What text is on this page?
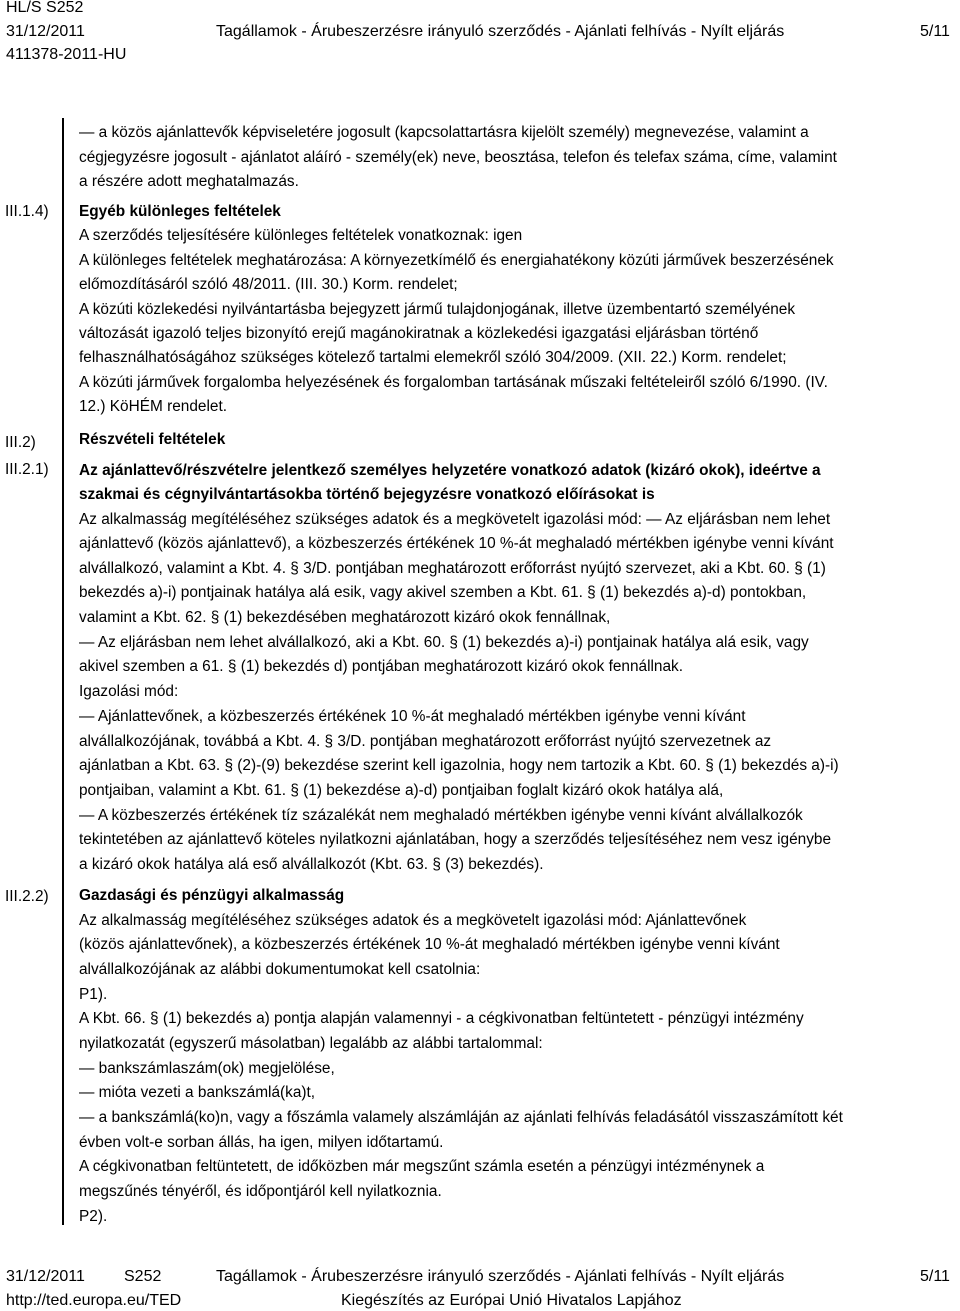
HL/S S252
31/12/2011
411378-2011-HU
Tagállamok - Árubeszerzésre irányuló szerződés - Ajánlati felhívás - Nyílt eljárás	5/11
III.1.4)
III.2)
III.2.1)
III.2.2)
— a közös ajánlattevők képviseletére jogosult (kapcsolattartásra kijelölt személy) megnevezése, valamint a
cégjegyzésre jogosult - ajánlatot aláíró - személy(ek) neve, beosztása, telefon és telefax száma, címe, valamint
a részére adott meghatalmazás.
Egyéb különleges feltételek
A szerződés teljesítésére különleges feltételek vonatkoznak: igen
A különleges feltételek meghatározása: A környezetkímélő és energiahatékony közúti járművek beszerzésének
előmozdításáról szóló 48/2011. (III. 30.) Korm. rendelet;
A közúti közlekedési nyilvántartásba bejegyzett jármű tulajdonjogának, illetve üzembentartó személyének
változását igazoló teljes bizonyító erejű magánokiratnak a közlekedési igazgatási eljárásban történő
felhasználhatóságához szükséges kötelező tartalmi elemekről szóló 304/2009. (XII. 22.) Korm. rendelet;
A közúti járművek forgalomba helyezésének és forgalomban tartásának műszaki feltételeiről szóló 6/1990. (IV.
12.) KöHÉM rendelet.
Részvételi feltételek
Az ajánlattevő/részvételre jelentkező személyes helyzetére vonatkozó adatok (kizáró okok), ideértve a
szakmai és cégnyilvántartásokba történő bejegyzésre vonatkozó előírásokat is
Az alkalmasság megítéléséhez szükséges adatok és a megkövetelt igazolási mód: — Az eljárásban nem lehet
ajánlattevő (közös ajánlattevő), a közbeszerzés értékének 10 %-át meghaladó mértékben igénybe venni kívánt
alvállalkozó, valamint a Kbt. 4. § 3/D. pontjában meghatározott erőforrást nyújtó szervezet, aki a Kbt. 60. § (1)
bekezdés a)-i) pontjainak hatálya alá esik, vagy akivel szemben a Kbt. 61. § (1) bekezdés a)-d) pontokban,
valamint a Kbt. 62. § (1) bekezdésében meghatározott kizáró okok fennállnak,
— Az eljárásban nem lehet alvállalkozó, aki a Kbt. 60. § (1) bekezdés a)-i) pontjainak hatálya alá esik, vagy
akivel szemben a 61. § (1) bekezdés d) pontjában meghatározott kizáró okok fennállnak.
Igazolási mód:
— Ajánlattevőnek, a közbeszerzés értékének 10 %-át meghaladó mértékben igénybe venni kívánt
alvállalkozójának, továbbá a Kbt. 4. § 3/D. pontjában meghatározott erőforrást nyújtó szervezetnek az
ajánlatban a Kbt. 63. § (2)-(9) bekezdése szerint kell igazolnia, hogy nem tartozik a Kbt. 60. § (1) bekezdés a)-i)
pontjaiban, valamint a Kbt. 61. § (1) bekezdése a)-d) pontjaiban foglalt kizáró okok hatálya alá,
— A közbeszerzés értékének tíz százalékát nem meghaladó mértékben igénybe venni kívánt alvállalkozók
tekintetében az ajánlattevő köteles nyilatkozni ajánlatában, hogy a szerződés teljesítéséhez nem vesz igénybe
a kizáró okok hatálya alá eső alvállalkozót (Kbt. 63. § (3) bekezdés).
Gazdasági és pénzügyi alkalmasság
Az alkalmasság megítéléséhez szükséges adatok és a megkövetelt igazolási mód: Ajánlattevőnek
(közös ajánlattevőnek), a közbeszerzés értékének 10 %-át meghaladó mértékben igénybe venni kívánt
alvállalkozójának az alábbi dokumentumokat kell csatolnia:
P1).
A Kbt. 66. § (1) bekezdés a) pontja alapján valamennyi - a cégkivonatban feltüntetett - pénzügyi intézmény
nyilatkozatát (egyszerű másolatban) legalább az alábbi tartalommal:
— bankszámlaszám(ok) megjelölése,
— mióta vezeti a bankszámlá(ka)t,
— a bankszámlá(ko)n, vagy a főszámla valamely alszámláján az ajánlati felhívás feladásától visszaszámított két
évben volt-e sorban állás, ha igen, milyen időtartamú.
A cégkivonatban feltüntetett, de időközben már megszűnt számla esetén a pénzügyi intézménynek a
megszűnés tényéről, és időpontjáról kell nyilatkoznia.
P2).
31/12/2011 S252	Tagállamok - Árubeszerzésre irányuló szerződés - Ajánlati felhívás - Nyílt eljárás	5/11
http://ted.europa.eu/TED	Kiegészítés az Európai Unió Hivatalos Lapjához
